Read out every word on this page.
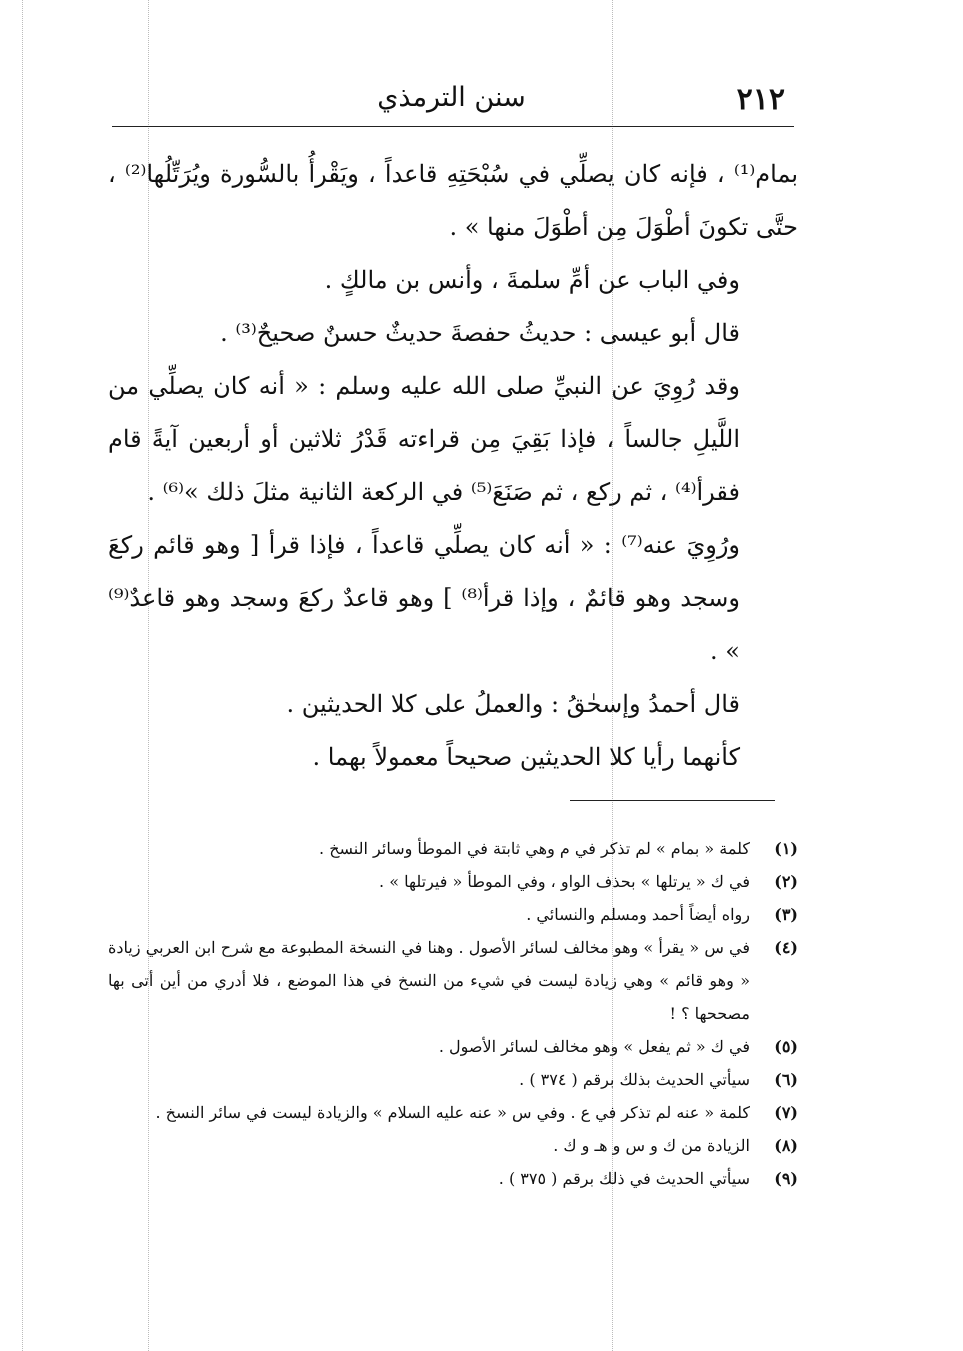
سنن الترمذي	٢١٢

بمام⁽¹⁾ ، فإنه كان يصلِّي في سُبْحَتِهِ قاعداً ، ويَقْرأُ بالسُّورة ويُرَتِّلُها⁽²⁾ ، حتَّى تكونَ أطْوَلَ مِن أطْوَلَ منها » .

وفي الباب عن أمِّ سلمةَ ، وأنس بن مالكٍ .

قال أبو عيسى : حديثُ حفصةَ حديثٌ حسنٌ صحيحٌ⁽³⁾ .

وقد رُوِيَ عن النبيِّ صلى الله عليه وسلم : « أنه كان يصلِّي من اللَّيلِ جالساً ، فإذا بَقِيَ مِن قراءته قَدْرُ ثلاثين أو أربعين آيةً قام فقرأ⁽⁴⁾ ، ثم ركع ، ثم صَنَعَ⁽⁵⁾ في الركعة الثانية مثلَ ذلك »⁽⁶⁾ .

ورُوِيَ عنه⁽⁷⁾ : « أنه كان يصلِّي قاعداً ، فإذا قرأ [ وهو قائم ركعَ وسجد وهو قائمٌ ، وإذا قرأ⁽⁸⁾ ] وهو قاعدٌ ركعَ وسجد وهو قاعدٌ⁽⁹⁾ » .

قال أحمدُ وإسحٰقُ : والعملُ على كلا الحديثين .

كأنهما رأيا كلا الحديثين صحيحاً معمولاً بهما .

(١)
كلمة « بمام » لم تذكر في م وهي ثابتة في الموطأ وسائر النسخ .
(٢)
في ك « يرتلها » بحذف الواو ، وفي الموطأ « فيرتلها » .
(٣)
رواه أيضاً أحمد ومسلم والنسائي .
(٤)
في س « يقرأ » وهو مخالف لسائر الأصول . وهنا في النسخة المطبوعة مع شرح ابن العربي زيادة « وهو قائم » وهي زيادة ليست في شيء من النسخ في هذا الموضع ، فلا أدري من أين أتى بها مصححها ؟ !
(٥)
في ك « ثم يفعل » وهو مخالف لسائر الأصول .
(٦)
سيأتي الحديث بذلك برقم ( ٣٧٤ ) .
(٧)
كلمة « عنه لم تذكر في ع . وفي س « عنه عليه السلام » والزيادة ليست في سائر النسخ .
(٨)
الزيادة من ك و س و هـ و ك .
(٩)
سيأتي الحديث في ذلك برقم ( ٣٧٥ ) .
